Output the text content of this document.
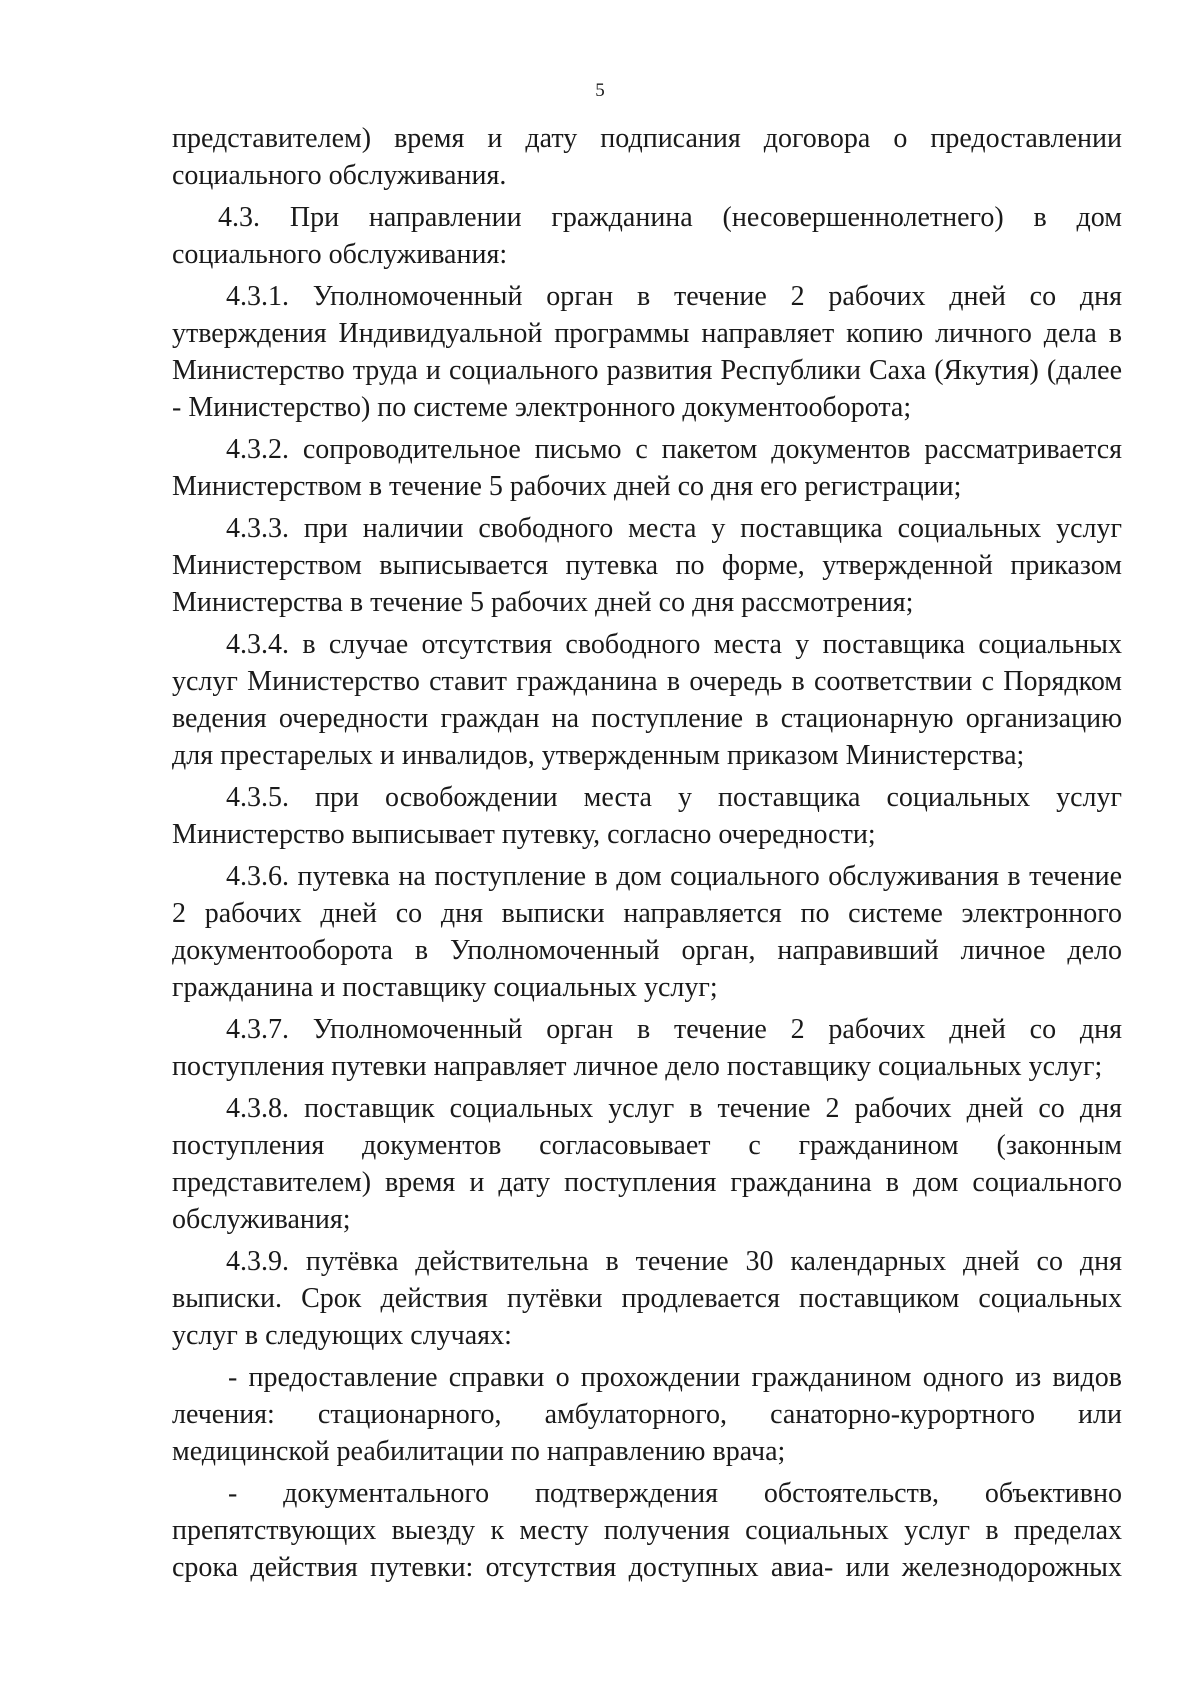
5

представителем) время и дату подписания договора о предоставлении социального обслуживания.

4.3. При направлении гражданина (несовершеннолетнего) в дом социального обслуживания:

4.3.1. Уполномоченный орган в течение 2 рабочих дней со дня утверждения Индивидуальной программы направляет копию личного дела в Министерство труда и социального развития Республики Саха (Якутия) (далее - Министерство) по системе электронного документооборота;

4.3.2. сопроводительное письмо с пакетом документов рассматривается Министерством в течение 5 рабочих дней со дня его регистрации;

4.3.3. при наличии свободного места у поставщика социальных услуг Министерством выписывается путевка по форме, утвержденной приказом Министерства в течение 5 рабочих дней со дня рассмотрения;

4.3.4. в случае отсутствия свободного места у поставщика социальных услуг Министерство ставит гражданина в очередь в соответствии с Порядком ведения очередности граждан на поступление в стационарную организацию для престарелых и инвалидов, утвержденным приказом Министерства;

4.3.5. при освобождении места у поставщика социальных услуг Министерство выписывает путевку, согласно очередности;

4.3.6. путевка на поступление в дом социального обслуживания в течение 2 рабочих дней со дня выписки направляется по системе электронного документооборота в Уполномоченный орган, направивший личное дело гражданина и поставщику социальных услуг;

4.3.7. Уполномоченный орган в течение 2 рабочих дней со дня поступления путевки направляет личное дело поставщику социальных услуг;

4.3.8. поставщик социальных услуг в течение 2 рабочих дней со дня поступления документов согласовывает с гражданином (законным представителем) время и дату поступления гражданина в дом социального обслуживания;

4.3.9. путёвка действительна в течение 30 календарных дней со дня выписки. Срок действия путёвки продлевается поставщиком социальных услуг в следующих случаях:

- предоставление справки о прохождении гражданином одного из видов лечения: стационарного, амбулаторного, санаторно-курортного или медицинской реабилитации по направлению врача;

- документального подтверждения обстоятельств, объективно препятствующих выезду к месту получения социальных услуг в пределах срока действия путевки: отсутствия доступных авиа- или железнодорожных
